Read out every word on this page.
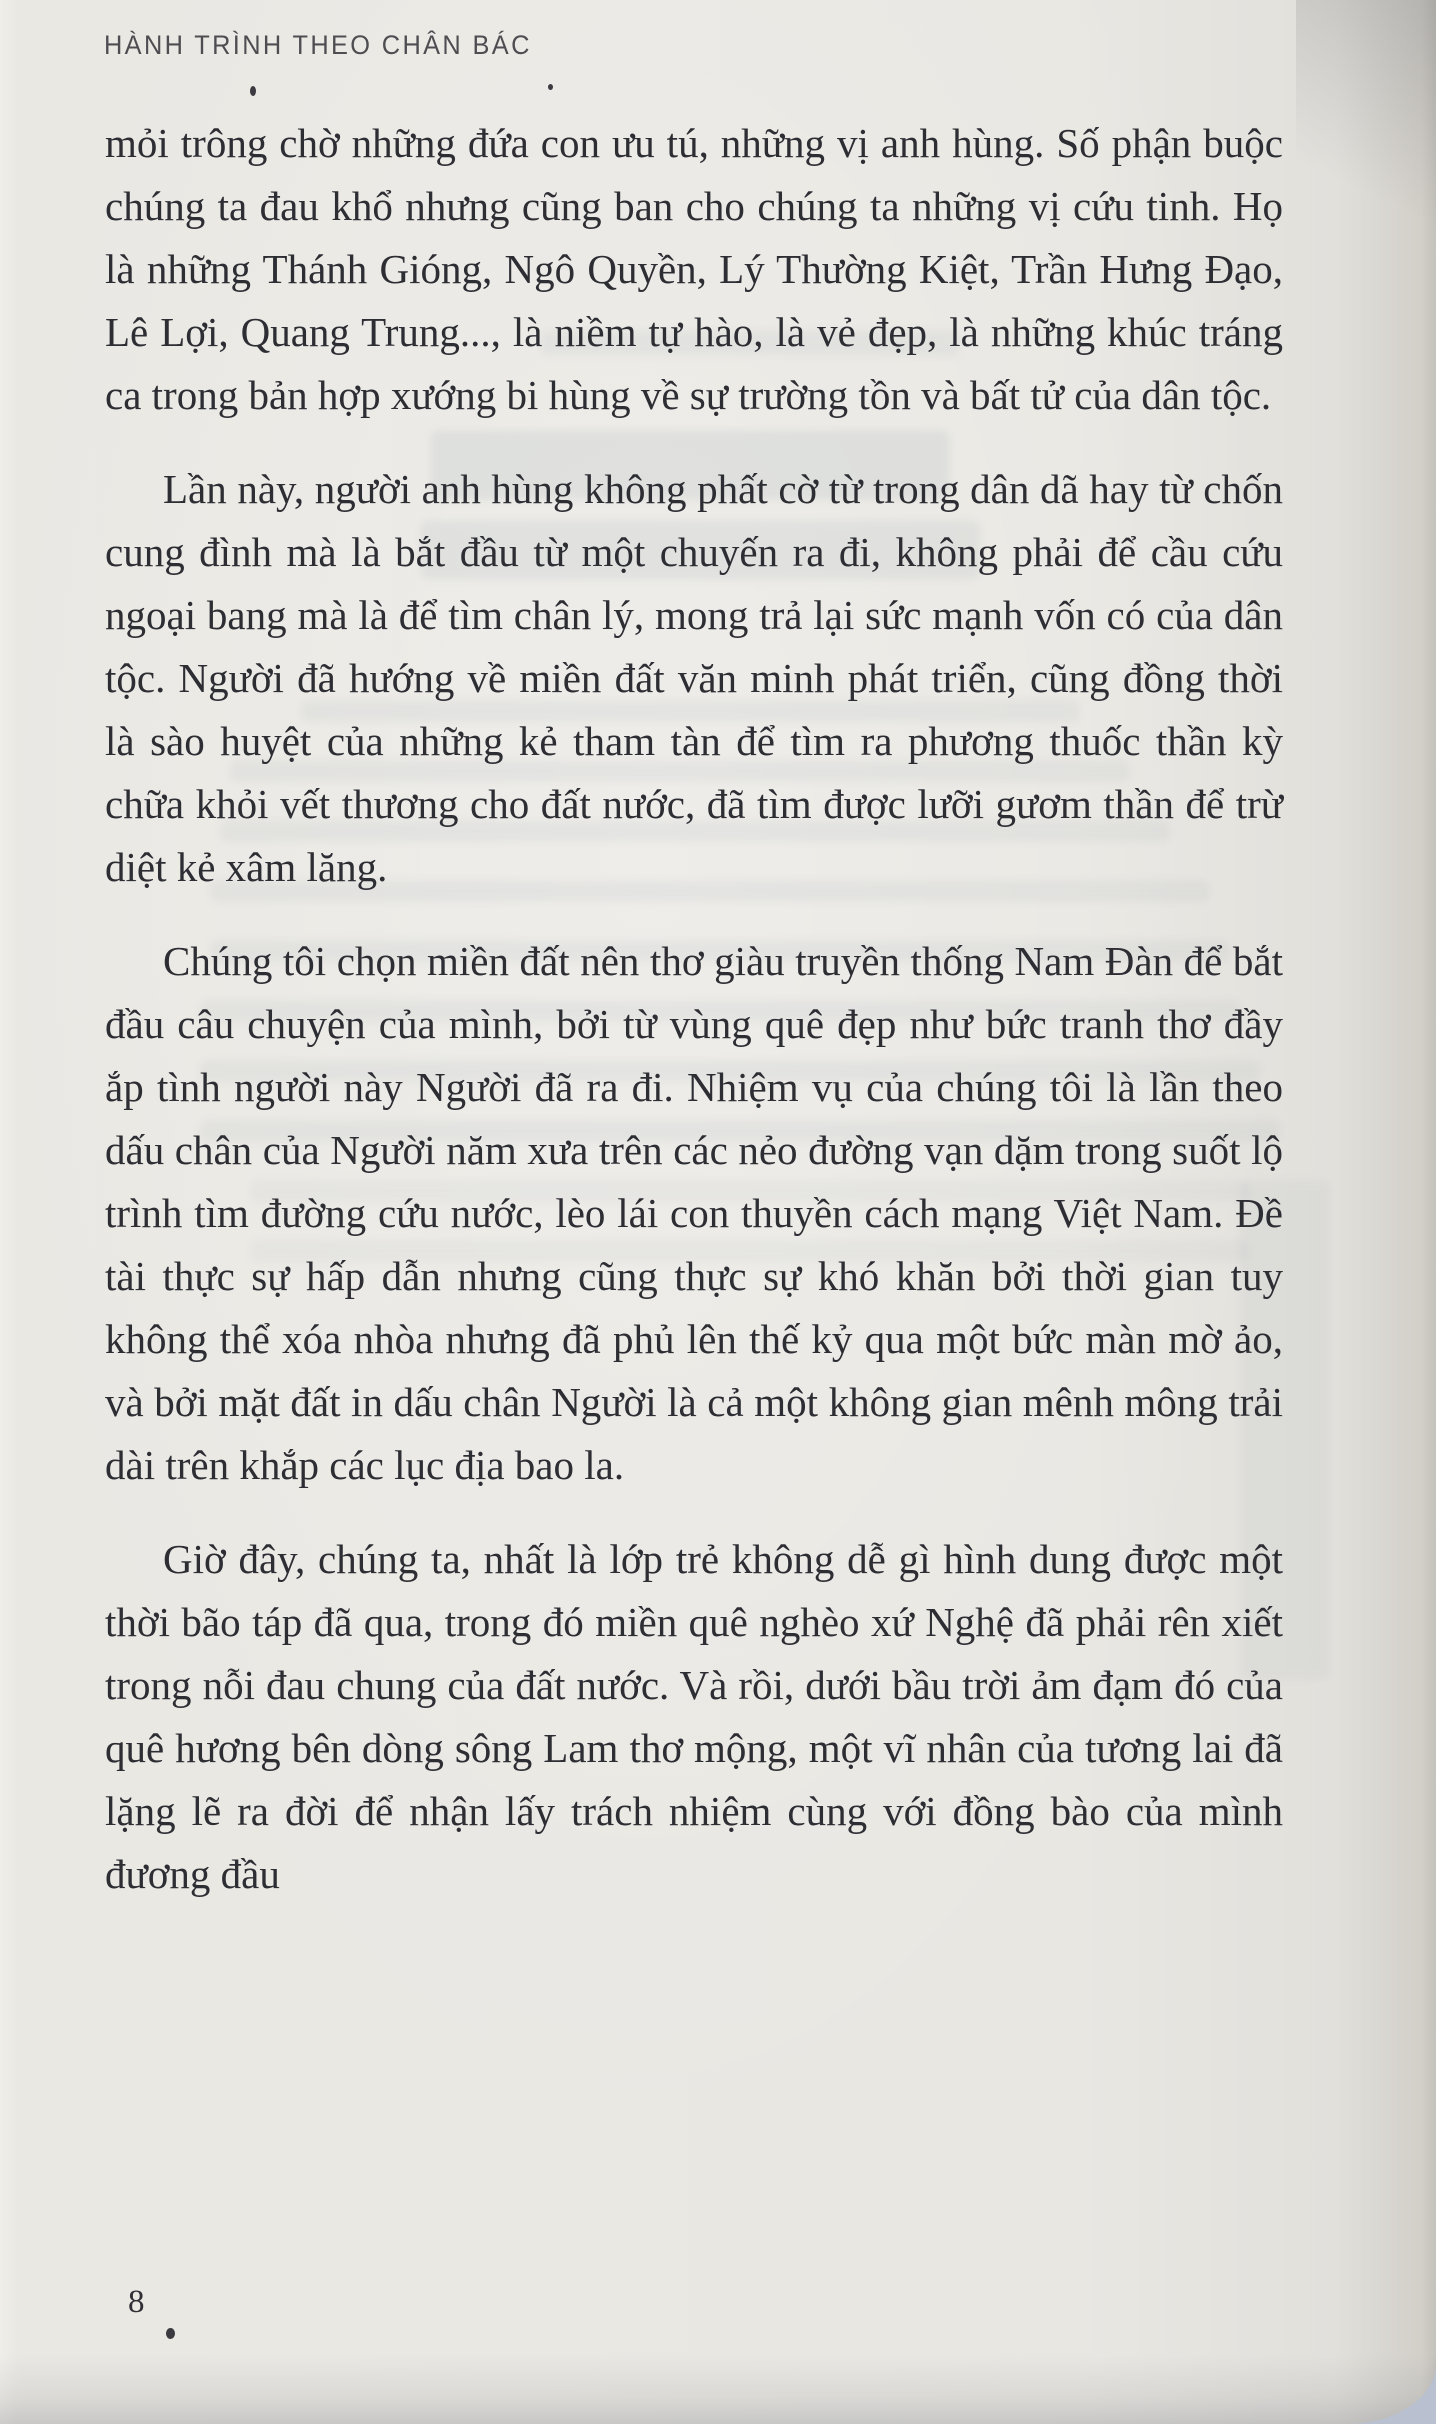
HÀNH TRÌNH THEO CHÂN BÁC

mỏi trông chờ những đứa con ưu tú, những vị anh hùng. Số phận buộc chúng ta đau khổ nhưng cũng ban cho chúng ta những vị cứu tinh. Họ là những Thánh Gióng, Ngô Quyền, Lý Thường Kiệt, Trần Hưng Đạo, Lê Lợi, Quang Trung..., là niềm tự hào, là vẻ đẹp, là những khúc tráng ca trong bản hợp xướng bi hùng về sự trường tồn và bất tử của dân tộc.

Lần này, người anh hùng không phất cờ từ trong dân dã hay từ chốn cung đình mà là bắt đầu từ một chuyến ra đi, không phải để cầu cứu ngoại bang mà là để tìm chân lý, mong trả lại sức mạnh vốn có của dân tộc. Người đã hướng về miền đất văn minh phát triển, cũng đồng thời là sào huyệt của những kẻ tham tàn để tìm ra phương thuốc thần kỳ chữa khỏi vết thương cho đất nước, đã tìm được lưỡi gươm thần để trừ diệt kẻ xâm lăng.

Chúng tôi chọn miền đất nên thơ giàu truyền thống Nam Đàn để bắt đầu câu chuyện của mình, bởi từ vùng quê đẹp như bức tranh thơ đầy ắp tình người này Người đã ra đi. Nhiệm vụ của chúng tôi là lần theo dấu chân của Người năm xưa trên các nẻo đường vạn dặm trong suốt lộ trình tìm đường cứu nước, lèo lái con thuyền cách mạng Việt Nam. Đề tài thực sự hấp dẫn nhưng cũng thực sự khó khăn bởi thời gian tuy không thể xóa nhòa nhưng đã phủ lên thế kỷ qua một bức màn mờ ảo, và bởi mặt đất in dấu chân Người là cả một không gian mênh mông trải dài trên khắp các lục địa bao la.

Giờ đây, chúng ta, nhất là lớp trẻ không dễ gì hình dung được một thời bão táp đã qua, trong đó miền quê nghèo xứ Nghệ đã phải rên xiết trong nỗi đau chung của đất nước. Và rồi, dưới bầu trời ảm đạm đó của quê hương bên dòng sông Lam thơ mộng, một vĩ nhân của tương lai đã lặng lẽ ra đời để nhận lấy trách nhiệm cùng với đồng bào của mình đương đầu

8
